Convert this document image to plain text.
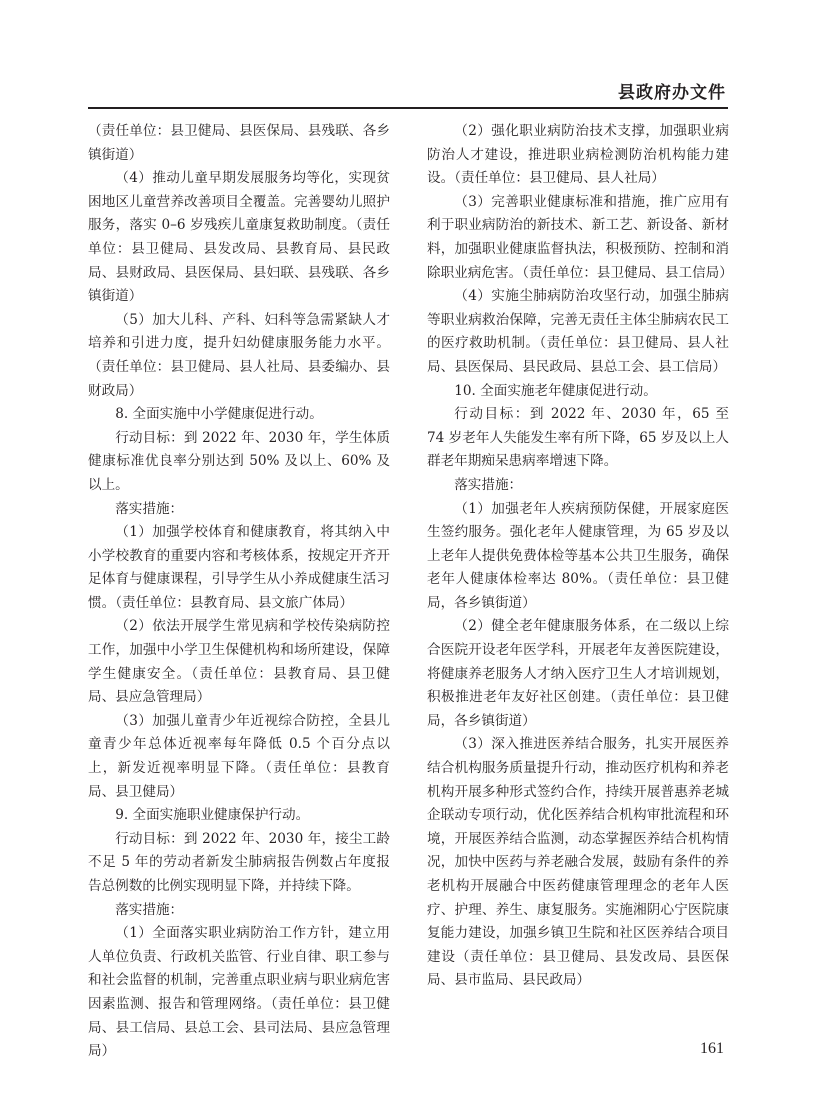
县政府办文件

（责任单位：县卫健局、县医保局、县残联、各乡镇街道）

（4）推动儿童早期发展服务均等化，实现贫困地区儿童营养改善项目全覆盖。完善婴幼儿照护服务，落实 0–6 岁残疾儿童康复救助制度。（责任单位：县卫健局、县发改局、县教育局、县民政局、县财政局、县医保局、县妇联、县残联、各乡镇街道）

（5）加大儿科、产科、妇科等急需紧缺人才培养和引进力度，提升妇幼健康服务能力水平。（责任单位：县卫健局、县人社局、县委编办、县财政局）

8. 全面实施中小学健康促进行动。

行动目标：到 2022 年、2030 年，学生体质健康标准优良率分别达到 50% 及以上、60% 及以上。

落实措施：

（1）加强学校体育和健康教育，将其纳入中小学校教育的重要内容和考核体系，按规定开齐开足体育与健康课程，引导学生从小养成健康生活习惯。（责任单位：县教育局、县文旅广体局）

（2）依法开展学生常见病和学校传染病防控工作，加强中小学卫生保健机构和场所建设，保障学生健康安全。（责任单位：县教育局、县卫健局、县应急管理局）

（3）加强儿童青少年近视综合防控，全县儿童青少年总体近视率每年降低 0.5 个百分点以上，新发近视率明显下降。（责任单位：县教育局、县卫健局）

9. 全面实施职业健康保护行动。

行动目标：到 2022 年、2030 年，接尘工龄不足 5 年的劳动者新发尘肺病报告例数占年度报告总例数的比例实现明显下降，并持续下降。

落实措施：

（1）全面落实职业病防治工作方针，建立用人单位负责、行政机关监管、行业自律、职工参与和社会监督的机制，完善重点职业病与职业病危害因素监测、报告和管理网络。（责任单位：县卫健局、县工信局、县总工会、县司法局、县应急管理局）

（2）强化职业病防治技术支撑，加强职业病防治人才建设，推进职业病检测防治机构能力建设。（责任单位：县卫健局、县人社局）

（3）完善职业健康标准和措施，推广应用有利于职业病防治的新技术、新工艺、新设备、新材料，加强职业健康监督执法，积极预防、控制和消除职业病危害。（责任单位：县卫健局、县工信局）

（4）实施尘肺病防治攻坚行动，加强尘肺病等职业病救治保障，完善无责任主体尘肺病农民工的医疗救助机制。（责任单位：县卫健局、县人社局、县医保局、县民政局、县总工会、县工信局）

10. 全面实施老年健康促进行动。

行动目标：到 2022 年、2030 年，65 至 74 岁老年人失能发生率有所下降，65 岁及以上人群老年期痴呆患病率增速下降。

落实措施：

（1）加强老年人疾病预防保健，开展家庭医生签约服务。强化老年人健康管理，为 65 岁及以上老年人提供免费体检等基本公共卫生服务，确保老年人健康体检率达 80%。（责任单位：县卫健局，各乡镇街道）

（2）健全老年健康服务体系，在二级以上综合医院开设老年医学科，开展老年友善医院建设，将健康养老服务人才纳入医疗卫生人才培训规划，积极推进老年友好社区创建。（责任单位：县卫健局，各乡镇街道）

（3）深入推进医养结合服务，扎实开展医养结合机构服务质量提升行动，推动医疗机构和养老机构开展多种形式签约合作，持续开展普惠养老城企联动专项行动，优化医养结合机构审批流程和环境，开展医养结合监测，动态掌握医养结合机构情况，加快中医药与养老融合发展，鼓励有条件的养老机构开展融合中医药健康管理理念的老年人医疗、护理、养生、康复服务。实施湘阴心宁医院康复能力建设，加强乡镇卫生院和社区医养结合项目建设（责任单位：县卫健局、县发改局、县医保局、县市监局、县民政局）

161
